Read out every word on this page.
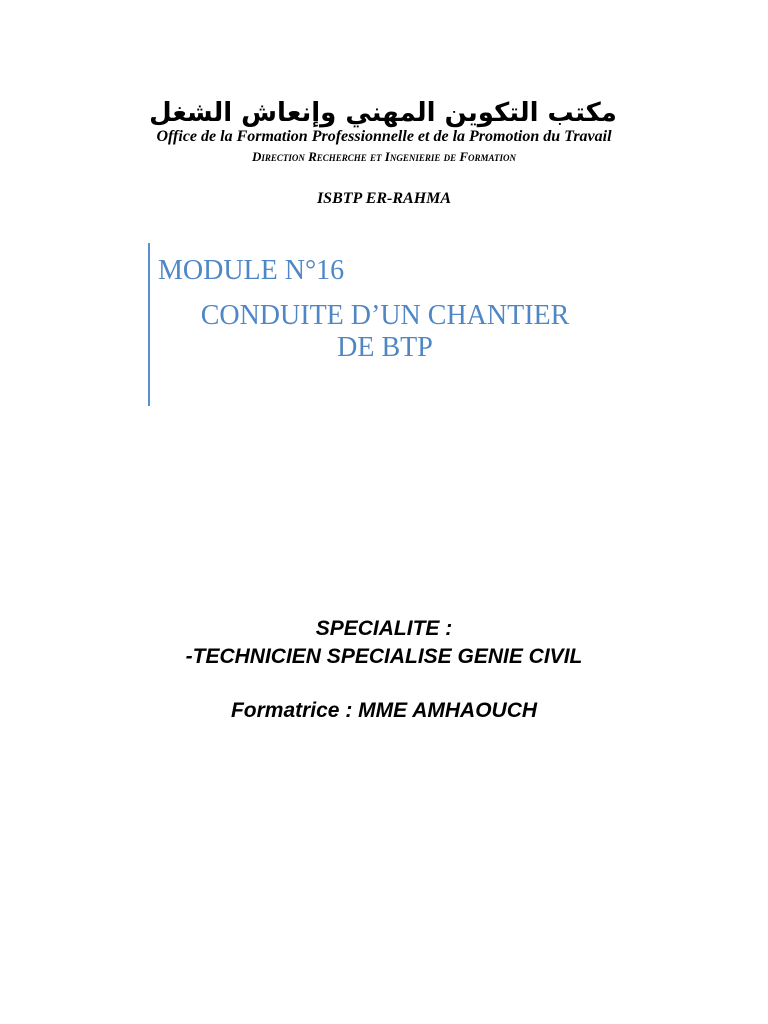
مكتب التكوين المهني وإنعاش الشغل
Office de la Formation Professionnelle et de la Promotion du Travail
Direction Recherche et Ingenierie de Formation
ISBTP ER-RAHMA
MODULE N°16
CONDUITE D’UN CHANTIER
DE BTP
SPECIALITE :
-TECHNICIEN SPECIALISE GENIE CIVIL
Formatrice : MME AMHAOUCH
